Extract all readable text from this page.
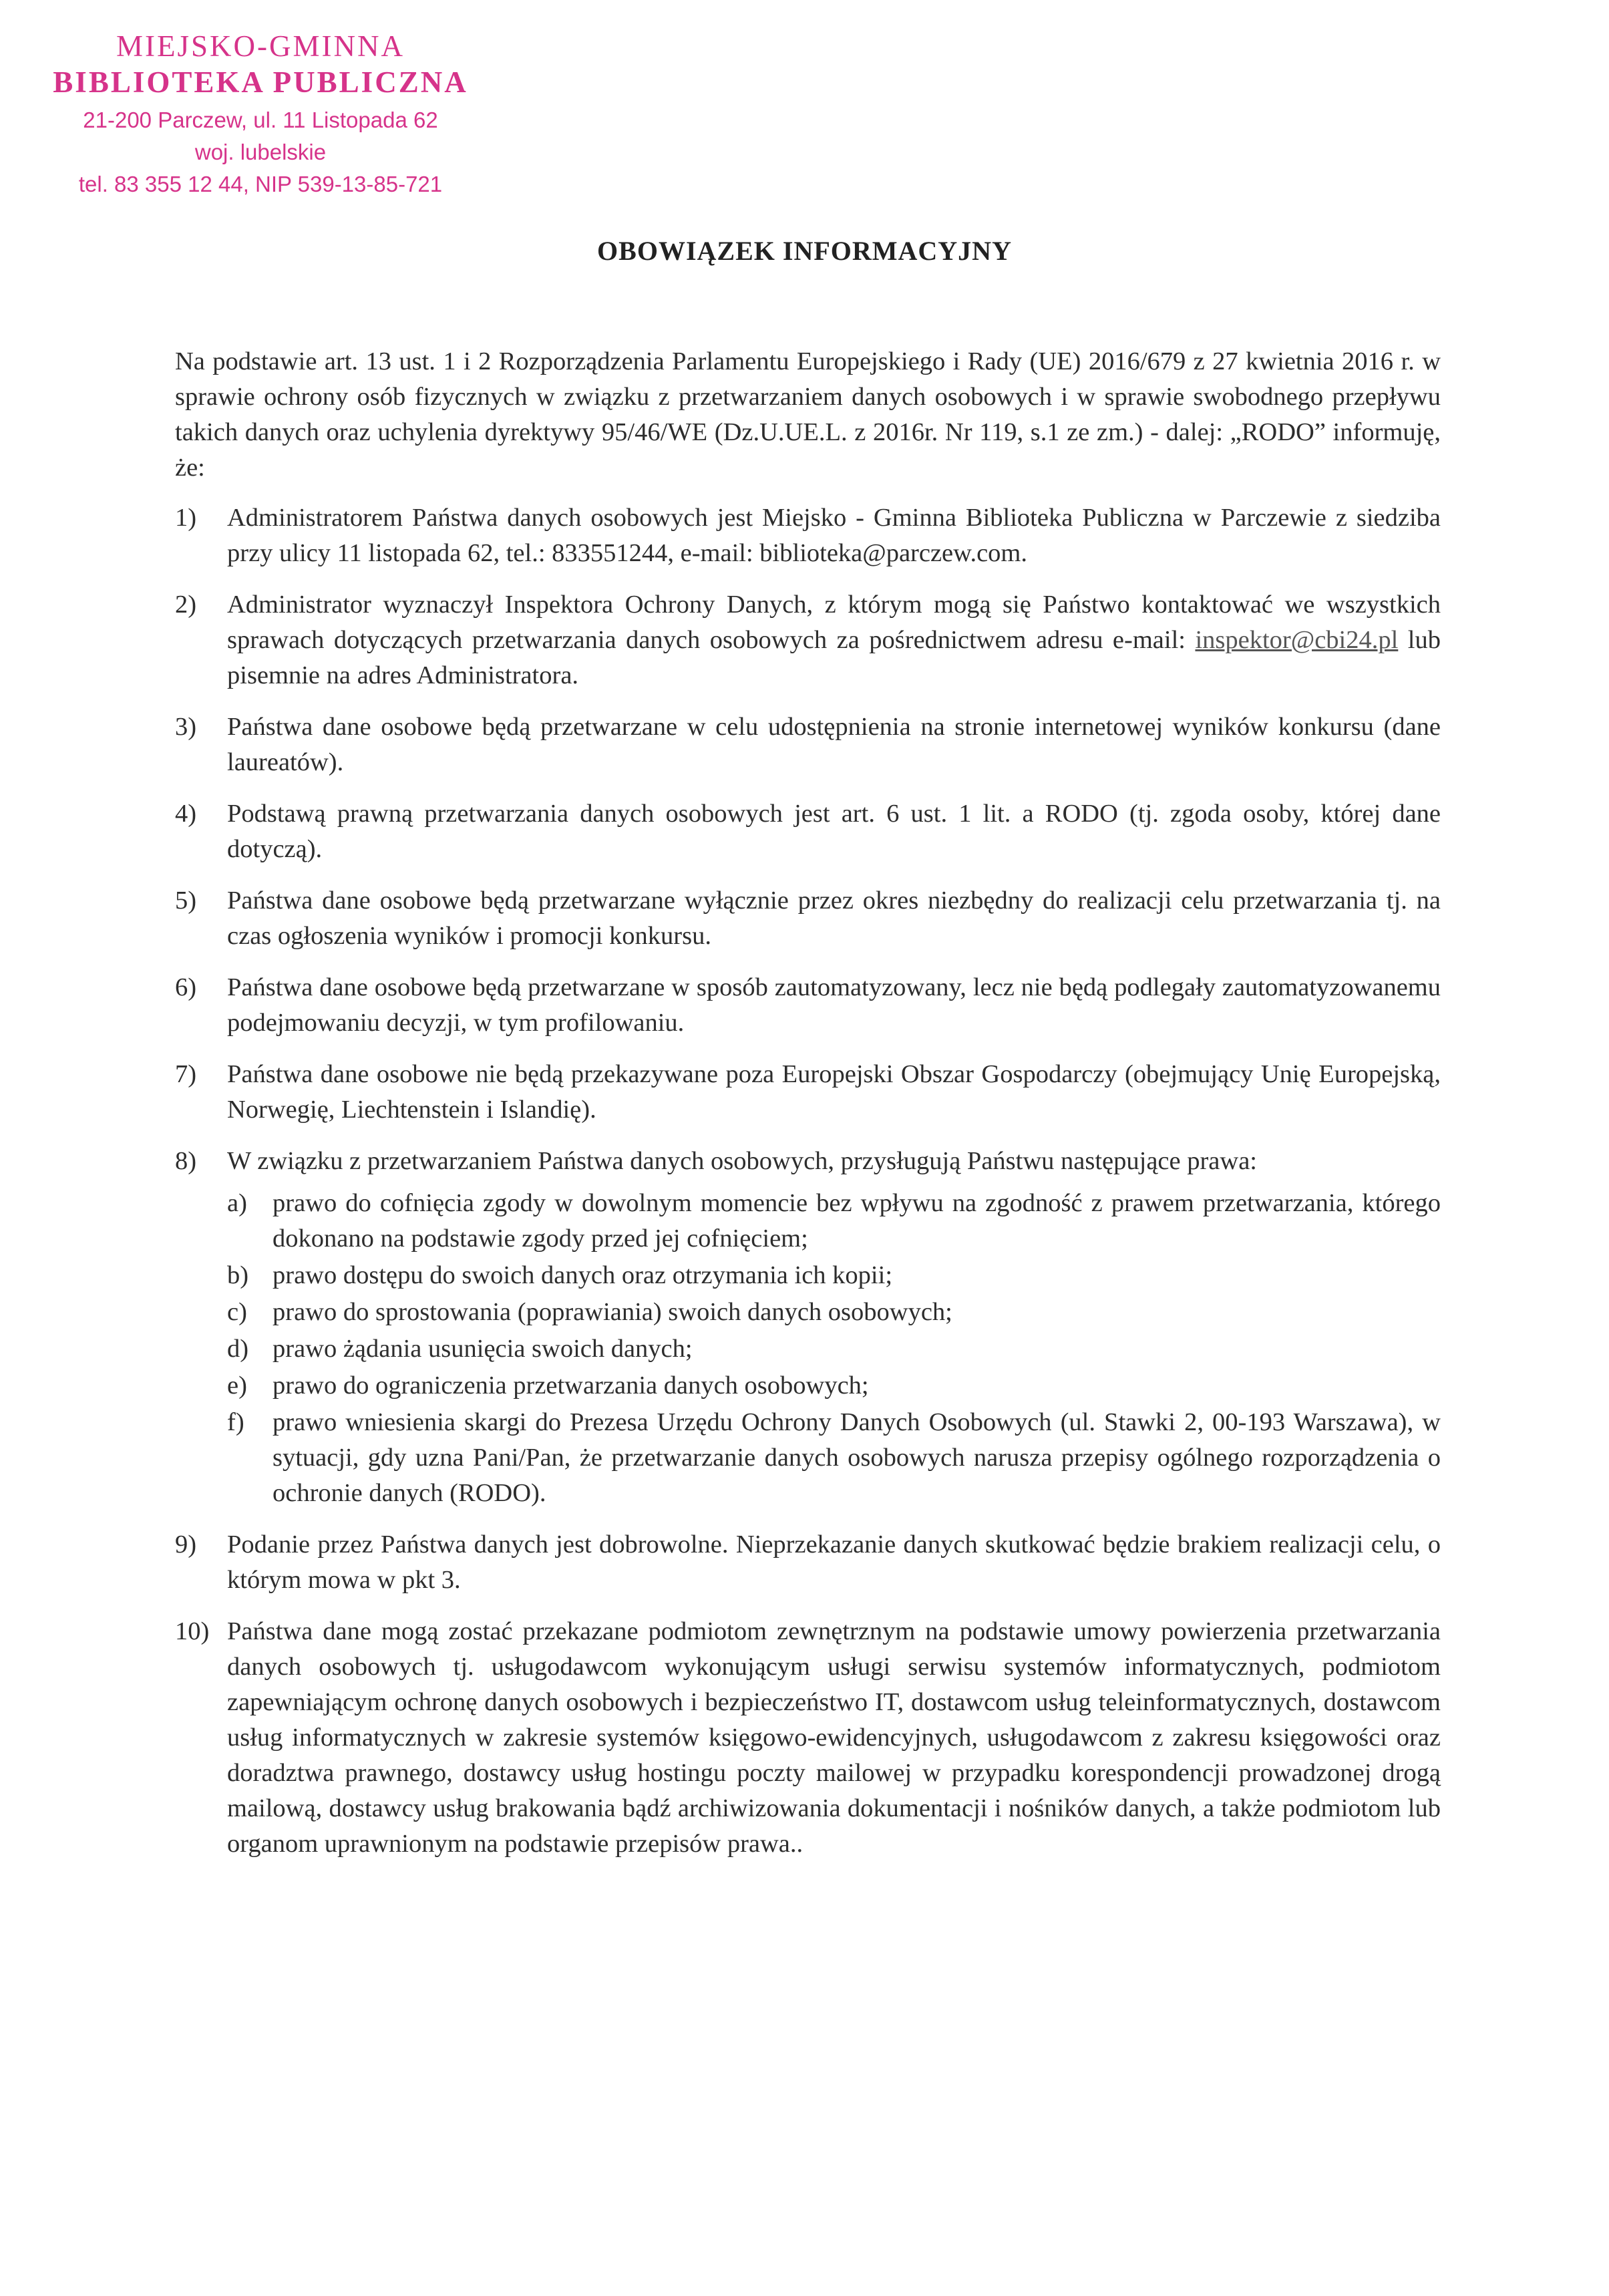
MIEJSKO-GMINNA
BIBLIOTEKA PUBLICZNA
21-200 Parczew, ul. 11 Listopada 62
woj. lubelskie
tel. 83 355 12 44, NIP 539-13-85-721
OBOWIĄZEK INFORMACYJNY

Na podstawie art. 13 ust. 1 i 2 Rozporządzenia Parlamentu Europejskiego i Rady (UE) 2016/679 z 27 kwietnia 2016 r. w sprawie ochrony osób fizycznych w związku z przetwarzaniem danych osobowych i w sprawie swobodnego przepływu takich danych oraz uchylenia dyrektywy 95/46/WE (Dz.U.UE.L. z 2016r. Nr 119, s.1 ze zm.) - dalej: „RODO” informuję, że:

1) Administratorem Państwa danych osobowych jest Miejsko - Gminna Biblioteka Publiczna w Parczewie z siedziba przy ulicy 11 listopada 62, tel.: 833551244, e-mail: biblioteka@parczew.com.
2) Administrator wyznaczył Inspektora Ochrony Danych, z którym mogą się Państwo kontaktować we wszystkich sprawach dotyczących przetwarzania danych osobowych za pośrednictwem adresu e-mail: inspektor@cbi24.pl lub pisemnie na adres Administratora.
3) Państwa dane osobowe będą przetwarzane w celu udostępnienia na stronie internetowej wyników konkursu (dane laureatów).
4) Podstawą prawną przetwarzania danych osobowych jest art. 6 ust. 1 lit. a RODO (tj. zgoda osoby, której dane dotyczą).
5) Państwa dane osobowe będą przetwarzane wyłącznie przez okres niezbędny do realizacji celu przetwarzania tj. na czas ogłoszenia wyników i promocji konkursu.
6) Państwa dane osobowe będą przetwarzane w sposób zautomatyzowany, lecz nie będą podlegały zautomatyzowanemu podejmowaniu decyzji, w tym profilowaniu.
7) Państwa dane osobowe nie będą przekazywane poza Europejski Obszar Gospodarczy (obejmujący Unię Europejską, Norwegię, Liechtenstein i Islandię).
8) W związku z przetwarzaniem Państwa danych osobowych, przysługują Państwu następujące prawa:
a) prawo do cofnięcia zgody w dowolnym momencie bez wpływu na zgodność z prawem przetwarzania, którego dokonano na podstawie zgody przed jej cofnięciem;
b) prawo dostępu do swoich danych oraz otrzymania ich kopii;
c) prawo do sprostowania (poprawiania) swoich danych osobowych;
d) prawo żądania usunięcia swoich danych;
e) prawo do ograniczenia przetwarzania danych osobowych;
f) prawo wniesienia skargi do Prezesa Urzędu Ochrony Danych Osobowych (ul. Stawki 2, 00-193 Warszawa), w sytuacji, gdy uzna Pani/Pan, że przetwarzanie danych osobowych narusza przepisy ogólnego rozporządzenia o ochronie danych (RODO).
9) Podanie przez Państwa danych jest dobrowolne. Nieprzekazanie danych skutkować będzie brakiem realizacji celu, o którym mowa w pkt 3.
10) Państwa dane mogą zostać przekazane podmiotom zewnętrznym na podstawie umowy powierzenia przetwarzania danych osobowych tj. usługodawcom wykonującym usługi serwisu systemów informatycznych, podmiotom zapewniającym ochronę danych osobowych i bezpieczeństwo IT, dostawcom usług teleinformatycznych, dostawcom usług informatycznych w zakresie systemów księgowo-ewidencyjnych, usługodawcom z zakresu księgowości oraz doradztwa prawnego, dostawcy usług hostingu poczty mailowej w przypadku korespondencji prowadzonej drogą mailową, dostawcy usług brakowania bądź archiwizowania dokumentacji i nośników danych, a także podmiotom lub organom uprawnionym na podstawie przepisów prawa..
